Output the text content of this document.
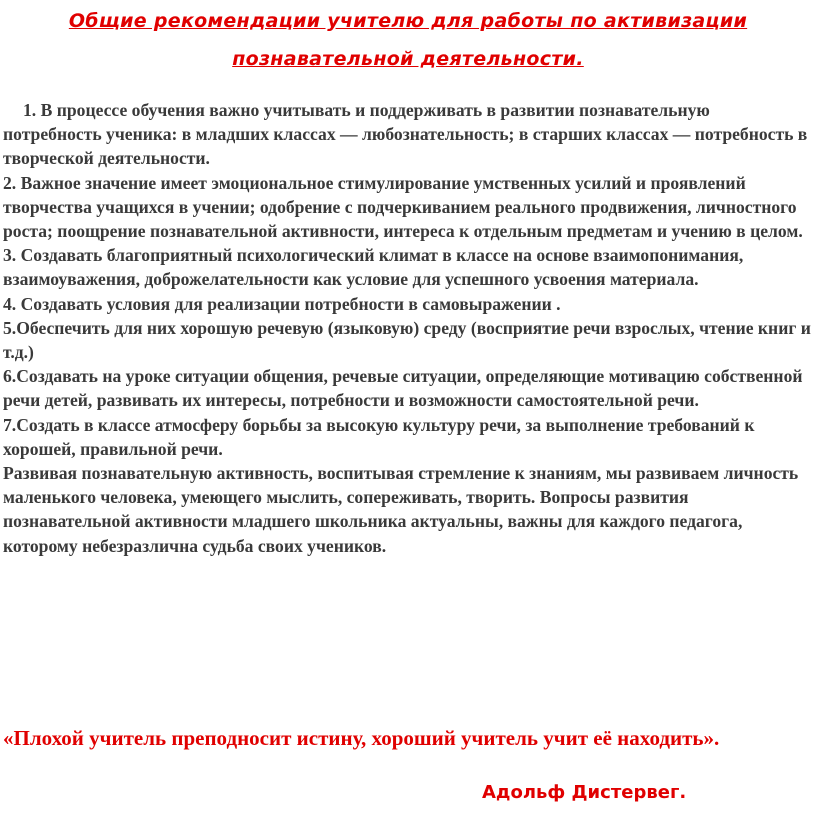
Общие рекомендации учителю для работы по активизации
познавательной деятельности.

1. В процессе обучения важно учитывать и поддерживать в развитии познавательную потребность ученика: в младших классах — любознательность; в старших классах — потребность в творческой деятельности.

2. Важное значение имеет эмоциональное стимулирование умственных усилий и проявлений творчества учащихся в учении; одобрение с подчеркиванием реального продвижения, личностного роста; поощрение познавательной активности, интереса к отдельным предметам и учению в целом.

3. Создавать благоприятный психологический климат в классе на основе взаимопонимания, взаимоуважения, доброжелательности как условие для успешного усвоения материала.

4. Создавать условия для реализации потребности в самовыражении .

5.Обеспечить для них хорошую речевую (языковую) среду (восприятие речи взрослых, чтение книг и т.д.)

6.Создавать на уроке ситуации общения, речевые ситуации, определяющие мотивацию собственной речи детей, развивать их интересы, потребности и возможности самостоятельной речи.

7.Создать в классе атмосферу борьбы за высокую культуру речи, за выполнение требований к хорошей, правильной речи.

Развивая познавательную активность, воспитывая стремление к знаниям, мы развиваем личность маленького человека, умеющего мыслить, сопереживать, творить. Вопросы развития познавательной активности младшего школьника актуальны, важны для каждого педагога, которому небезразлична судьба своих учеников.

«Плохой учитель преподносит истину, хороший учитель учит её находить».

Адольф Дистервег.
